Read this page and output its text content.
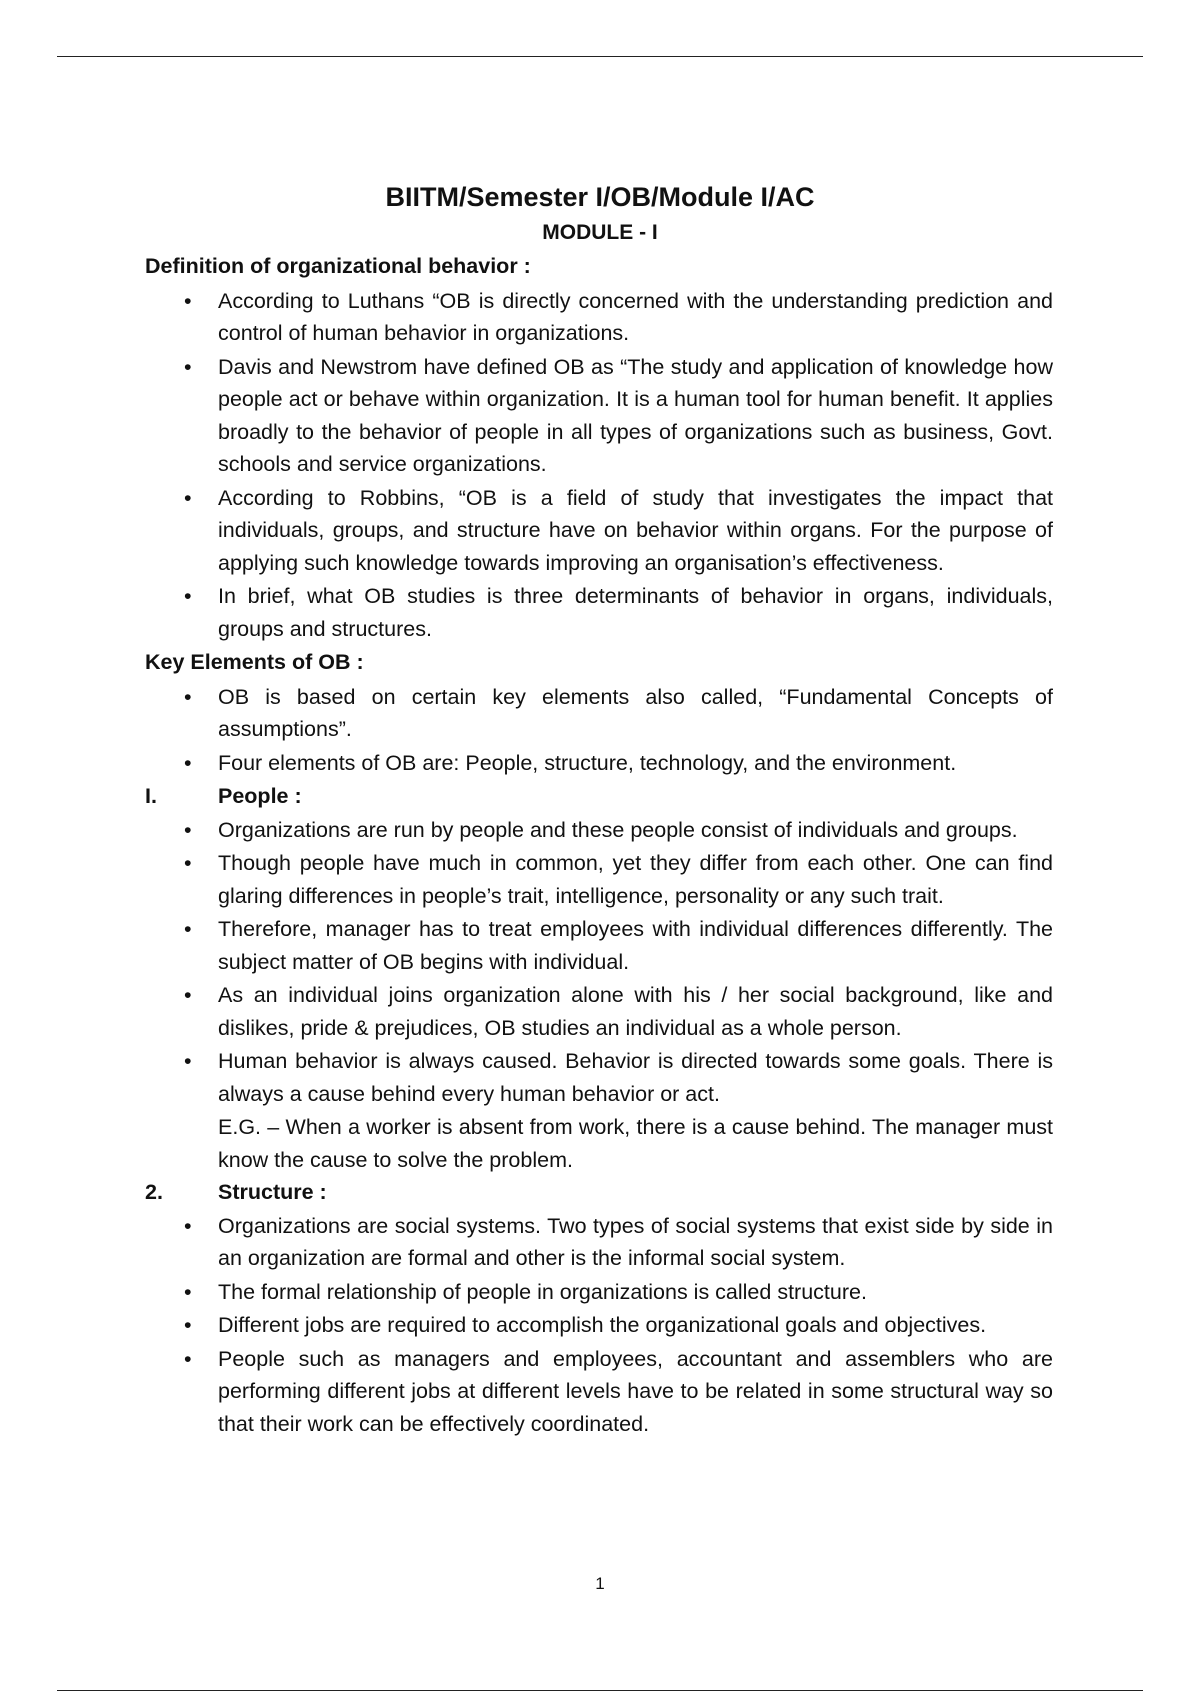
BIITM/Semester I/OB/Module I/AC
MODULE - I
Definition of organizational behavior :
• According to Luthans “OB is directly concerned with the understanding prediction and control of human behavior in organizations.
• Davis and Newstrom have defined OB as “The study and application of knowledge how people act or behave within organization. It is a human tool for human benefit. It applies broadly to the behavior of people in all types of organizations such as business, Govt. schools and service organizations.
• According to Robbins, “OB is a field of study that investigates the impact that individuals, groups, and structure have on behavior within organs. For the purpose of applying such knowledge towards improving an organisation’s effectiveness.
• In brief, what OB studies is three determinants of behavior in organs, individuals, groups and structures.
Key Elements of OB :
• OB is based on certain key elements also called, “Fundamental Concepts of assumptions”.
• Four elements of OB are: People, structure, technology, and the environment.
I.	People :
• Organizations are run by people and these people consist of individuals and groups.
• Though people have much in common, yet they differ from each other. One can find glaring differences in people’s trait, intelligence, personality or any such trait.
• Therefore, manager has to treat employees with individual differences differently. The subject matter of OB begins with individual.
• As an individual joins organization alone with his / her social background, like and dislikes, pride & prejudices, OB studies an individual as a whole person.
• Human behavior is always caused. Behavior is directed towards some goals. There is always a cause behind every human behavior or act.
E.G. – When a worker is absent from work, there is a cause behind. The manager must know the cause to solve the problem.
2.	Structure :
• Organizations are social systems. Two types of social systems that exist side by side in an organization are formal and other is the informal social system.
• The formal relationship of people in organizations is called structure.
• Different jobs are required to accomplish the organizational goals and objectives.
• People such as managers and employees, accountant and assemblers who are performing different jobs at different levels have to be related in some structural way so that their work can be effectively coordinated.
1
